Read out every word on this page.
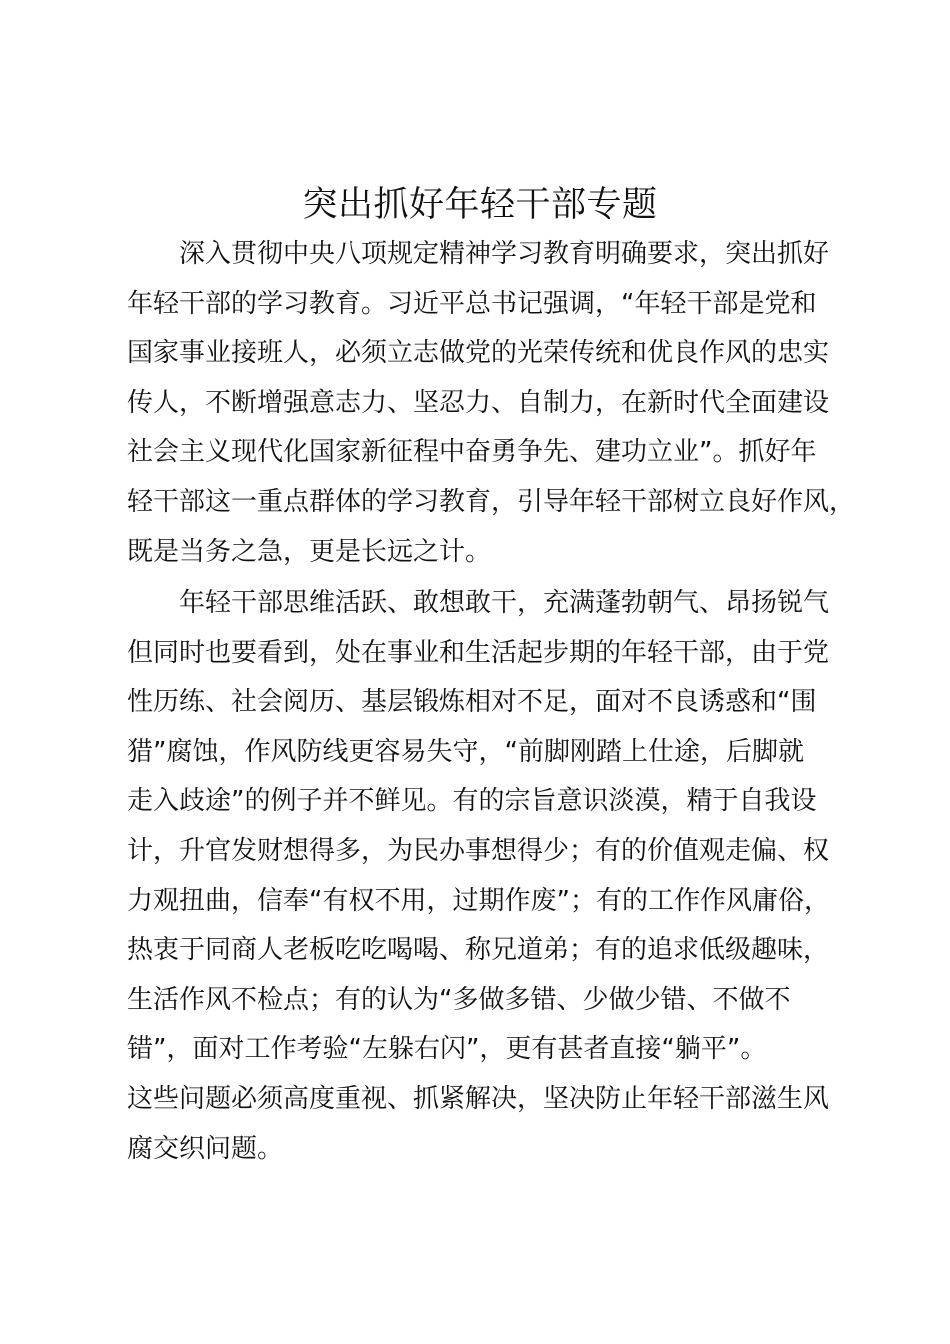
突出抓好年轻干部专题
　　深入贯彻中央八项规定精神学习教育明确要求，突出抓好
年轻干部的学习教育。习近平总书记强调，“年轻干部是党和
国家事业接班人，必须立志做党的光荣传统和优良作风的忠实
传人，不断增强意志力、坚忍力、自制力，在新时代全面建设
社会主义现代化国家新征程中奋勇争先、建功立业”。抓好年
轻干部这一重点群体的学习教育，引导年轻干部树立良好作风，
既是当务之急，更是长远之计。
　　年轻干部思维活跃、敢想敢干，充满蓬勃朝气、昂扬锐气
但同时也要看到，处在事业和生活起步期的年轻干部，由于党
性历练、社会阅历、基层锻炼相对不足，面对不良诱惑和“围
猎”腐蚀，作风防线更容易失守，“前脚刚踏上仕途，后脚就
走入歧途”的例子并不鲜见。有的宗旨意识淡漠，精于自我设
计，升官发财想得多，为民办事想得少；有的价值观走偏、权
力观扭曲，信奉“有权不用，过期作废”；有的工作作风庸俗，
热衷于同商人老板吃吃喝喝、称兄道弟；有的追求低级趣味，
生活作风不检点；有的认为“多做多错、少做少错、不做不
错”，面对工作考验“左躲右闪”，更有甚者直接“躺平”。
这些问题必须高度重视、抓紧解决，坚决防止年轻干部滋生风
腐交织问题。
